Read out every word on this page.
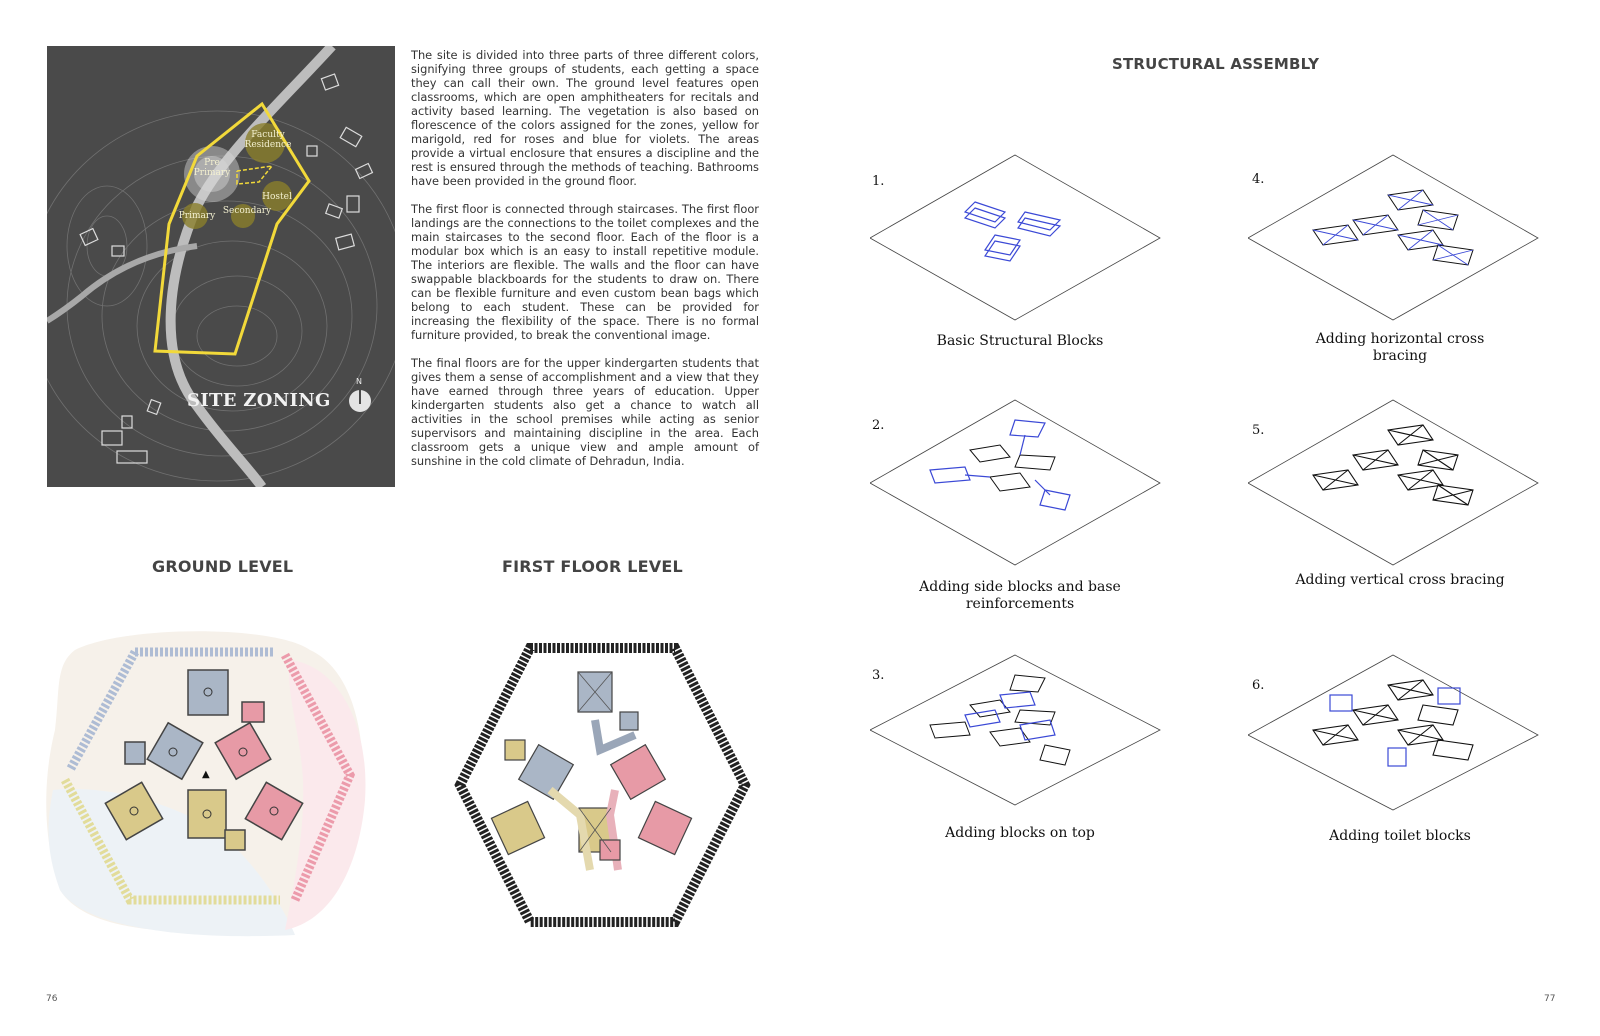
Faculty Residence
Pre Primary
Hostel
Primary Secondary
SITE ZONING
N

The site is divided into three parts of three different colors, signifying three groups of students, each getting a space they can call their own. The ground level features open classrooms, which are open amphitheaters for recitals and activity based learning. The vegetation is also based on florescence of the colors assigned for the zones, yellow for marigold, red for roses and blue for violets. The areas provide a virtual enclosure that ensures a discipline and the rest is ensured through the methods of teaching. Bathrooms have been provided in the ground floor.

The first floor is connected through staircases. The first floor landings are the connections to the toilet complexes and the main staircases to the second floor. Each of the floor is a modular box which is an easy to install repetitive module. The interiors are flexible. The walls and the floor can have swappable blackboards for the students to draw on. There can be flexible furniture and even custom bean bags which belong to each student. These can be provided for increasing the flexibility of the space. There is no formal furniture provided, to break the conventional image.

The final floors are for the upper kindergarten students that gives them a sense of accomplishment and a view that they have earned through three years of education. Upper kindergarten students also get a chance to watch all activities in the school premises while acting as senior supervisors and maintaining discipline in the area. Each classroom gets a unique view and ample amount of sunshine in the cold climate of Dehradun, India.

GROUND LEVEL	FIRST FLOOR LEVEL
STRUCTURAL ASSEMBLY
▲
1.
Basic Structural Blocks
4.
Adding horizontal cross bracing
2.
Adding side blocks and base reinforcements
5.
Adding vertical cross bracing
3.
Adding blocks on top
6.
Adding toilet blocks
76	77
